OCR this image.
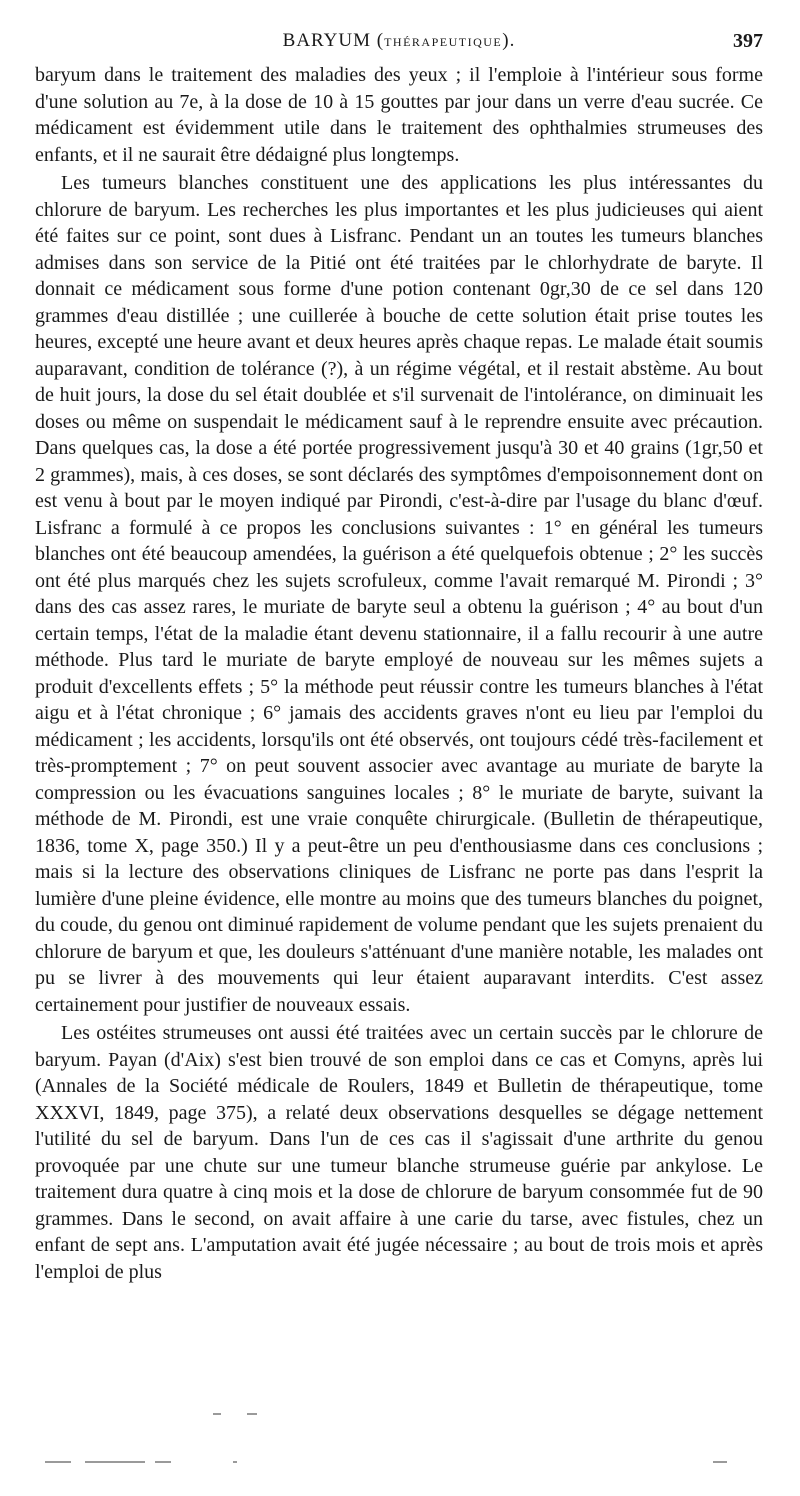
BARYUM (THÉRAPEUTIQUE).	397

baryum dans le traitement des maladies des yeux ; il l'emploie à l'intérieur sous forme d'une solution au 7e, à la dose de 10 à 15 gouttes par jour dans un verre d'eau sucrée. Ce médicament est évidemment utile dans le traitement des ophthalmies strumeuses des enfants, et il ne saurait être dédaigné plus longtemps.

Les tumeurs blanches constituent une des applications les plus intéressantes du chlorure de baryum. Les recherches les plus importantes et les plus judicieuses qui aient été faites sur ce point, sont dues à Lisfranc. Pendant un an toutes les tumeurs blanches admises dans son service de la Pitié ont été traitées par le chlorhydrate de baryte. Il donnait ce médicament sous forme d'une potion contenant 0gr,30 de ce sel dans 120 grammes d'eau distillée ; une cuillerée à bouche de cette solution était prise toutes les heures, excepté une heure avant et deux heures après chaque repas. Le malade était soumis auparavant, condition de tolérance (?), à un régime végétal, et il restait abstème. Au bout de huit jours, la dose du sel était doublée et s'il survenait de l'intolérance, on diminuait les doses ou même on suspendait le médicament sauf à le reprendre ensuite avec précaution. Dans quelques cas, la dose a été portée progressivement jusqu'à 30 et 40 grains (1gr,50 et 2 grammes), mais, à ces doses, se sont déclarés des symptômes d'empoisonnement dont on est venu à bout par le moyen indiqué par Pirondi, c'est-à-dire par l'usage du blanc d'œuf. Lisfranc a formulé à ce propos les conclusions suivantes : 1° en général les tumeurs blanches ont été beaucoup amendées, la guérison a été quelquefois obtenue ; 2° les succès ont été plus marqués chez les sujets scrofuleux, comme l'avait remarqué M. Pirondi ; 3° dans des cas assez rares, le muriate de baryte seul a obtenu la guérison ; 4° au bout d'un certain temps, l'état de la maladie étant devenu stationnaire, il a fallu recourir à une autre méthode. Plus tard le muriate de baryte employé de nouveau sur les mêmes sujets a produit d'excellents effets ; 5° la méthode peut réussir contre les tumeurs blanches à l'état aigu et à l'état chronique ; 6° jamais des accidents graves n'ont eu lieu par l'emploi du médicament ; les accidents, lorsqu'ils ont été observés, ont toujours cédé très-facilement et très-promptement ; 7° on peut souvent associer avec avantage au muriate de baryte la compression ou les évacuations sanguines locales ; 8° le muriate de baryte, suivant la méthode de M. Pirondi, est une vraie conquête chirurgicale. (Bulletin de thérapeutique, 1836, tome X, page 350.) Il y a peut-être un peu d'enthousiasme dans ces conclusions ; mais si la lecture des observations cliniques de Lisfranc ne porte pas dans l'esprit la lumière d'une pleine évidence, elle montre au moins que des tumeurs blanches du poignet, du coude, du genou ont diminué rapidement de volume pendant que les sujets prenaient du chlorure de baryum et que, les douleurs s'atténuant d'une manière notable, les malades ont pu se livrer à des mouvements qui leur étaient auparavant interdits. C'est assez certainement pour justifier de nouveaux essais.

Les ostéites strumeuses ont aussi été traitées avec un certain succès par le chlorure de baryum. Payan (d'Aix) s'est bien trouvé de son emploi dans ce cas et Comyns, après lui (Annales de la Société médicale de Roulers, 1849 et Bulletin de thérapeutique, tome XXXVI, 1849, page 375), a relaté deux observations desquelles se dégage nettement l'utilité du sel de baryum. Dans l'un de ces cas il s'agissait d'une arthrite du genou provoquée par une chute sur une tumeur blanche strumeuse guérie par ankylose. Le traitement dura quatre à cinq mois et la dose de chlorure de baryum consommée fut de 90 grammes. Dans le second, on avait affaire à une carie du tarse, avec fistules, chez un enfant de sept ans. L'amputation avait été jugée nécessaire ; au bout de trois mois et après l'emploi de plus
